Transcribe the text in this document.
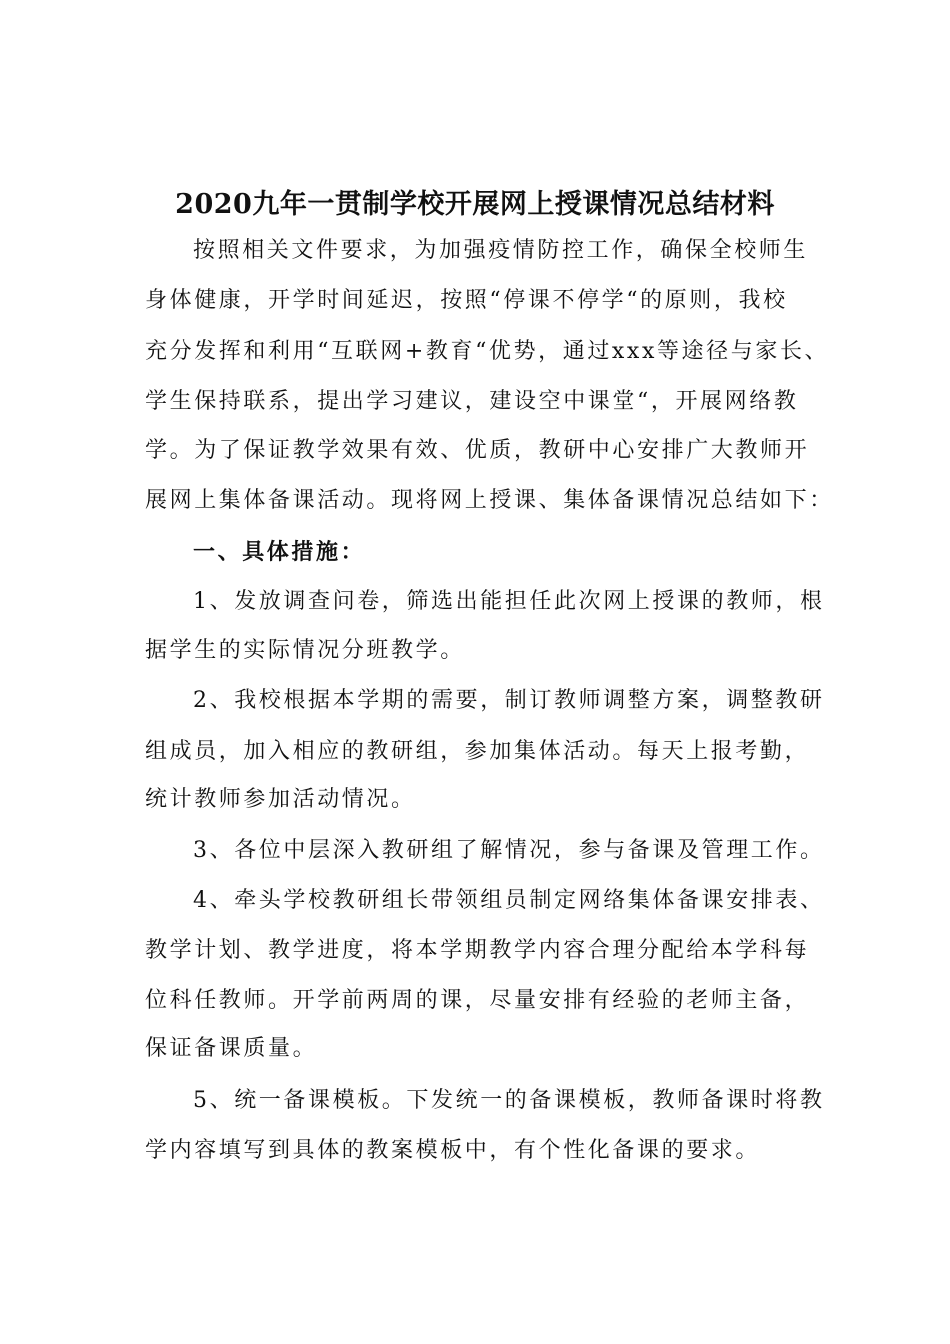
2020九年一贯制学校开展网上授课情况总结材料
按照相关文件要求，为加强疫情防控工作，确保全校师生
身体健康，开学时间延迟，按照“停课不停学“的原则，我校
充分发挥和利用“互联网+教育“优势，通过xxx等途径与家长、
学生保持联系，提出学习建议，建设空中课堂“，开展网络教
学。为了保证教学效果有效、优质，教研中心安排广大教师开
展网上集体备课活动。现将网上授课、集体备课情况总结如下：
一、具体措施：
1、发放调查问卷，筛选出能担任此次网上授课的教师，根
据学生的实际情况分班教学。
2、我校根据本学期的需要，制订教师调整方案，调整教研
组成员，加入相应的教研组，参加集体活动。每天上报考勤，
统计教师参加活动情况。
3、各位中层深入教研组了解情况，参与备课及管理工作。
4、牵头学校教研组长带领组员制定网络集体备课安排表、
教学计划、教学进度，将本学期教学内容合理分配给本学科每
位科任教师。开学前两周的课，尽量安排有经验的老师主备，
保证备课质量。
5、统一备课模板。下发统一的备课模板，教师备课时将教
学内容填写到具体的教案模板中，有个性化备课的要求。
